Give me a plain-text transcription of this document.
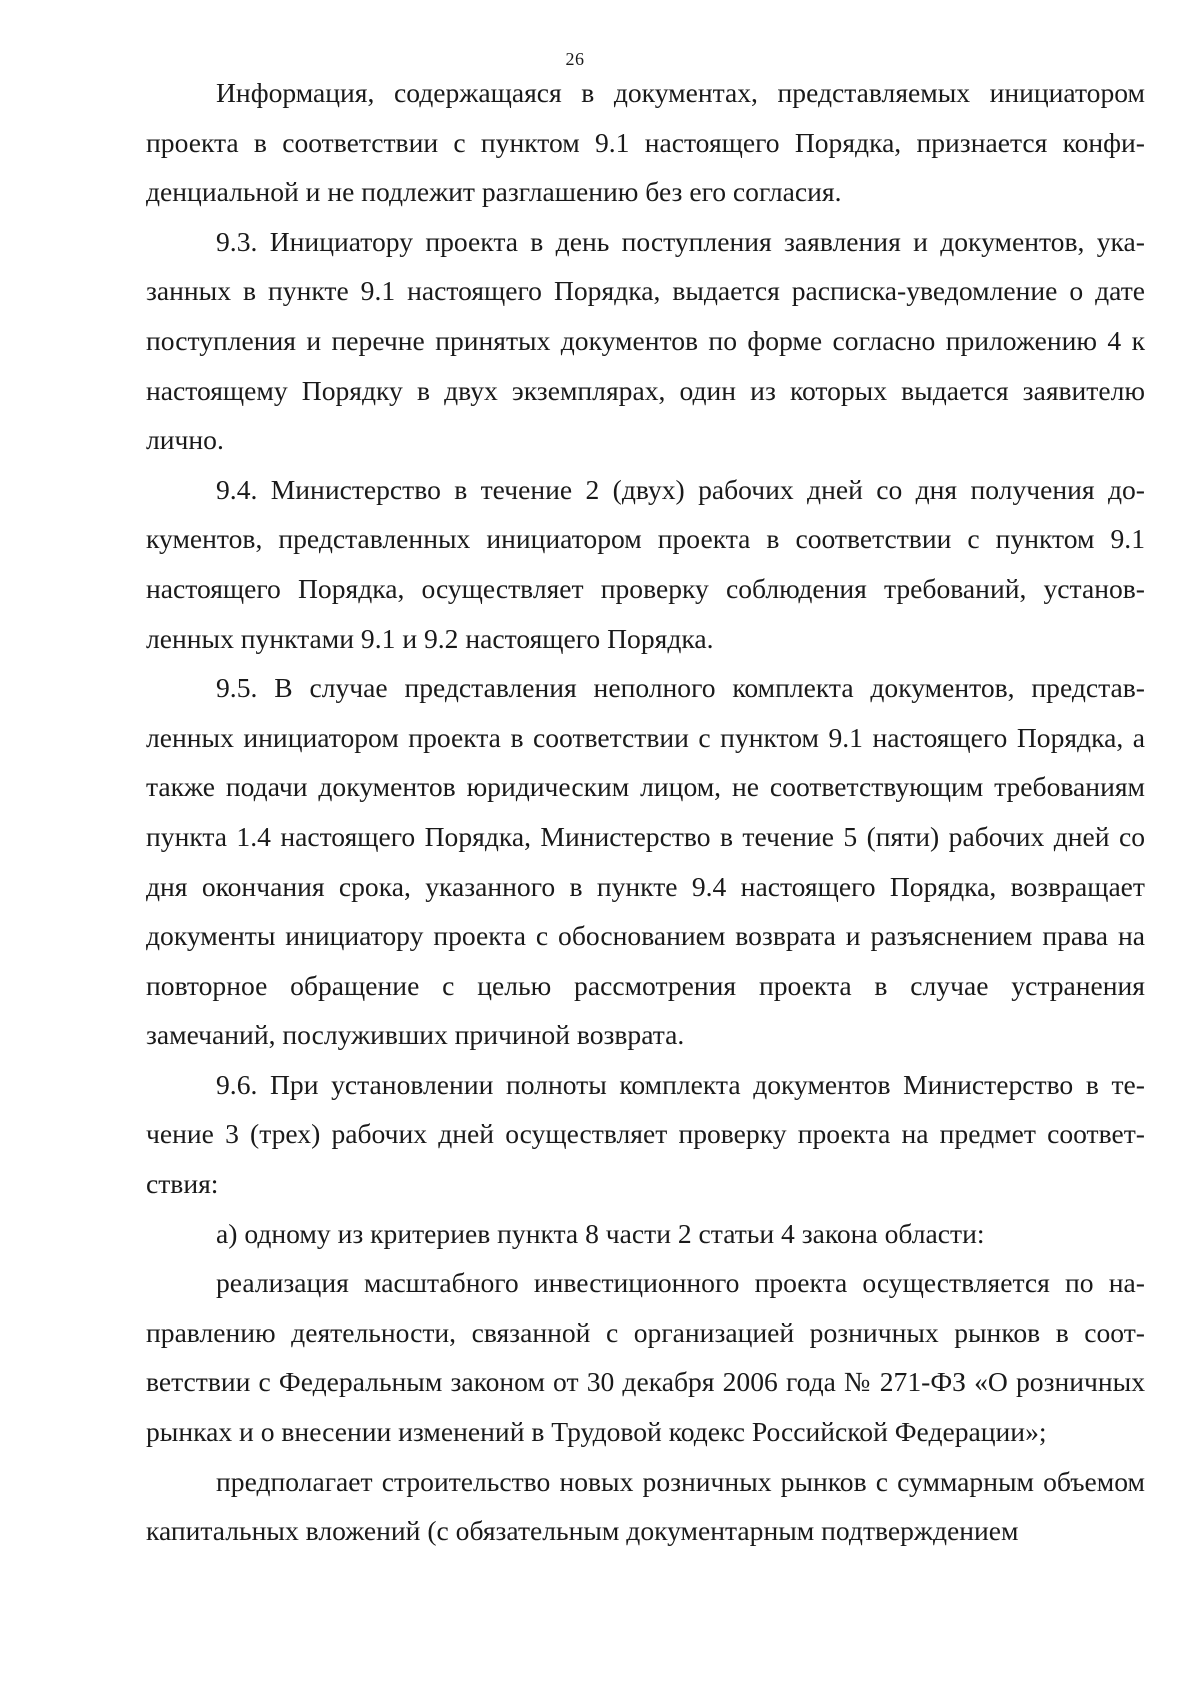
26

Информация, содержащаяся в документах, представляемых инициатором проекта в соответствии с пунктом 9.1 настоящего Порядка, признается конфиденциальной и не подлежит разглашению без его согласия.

9.3. Инициатору проекта в день поступления заявления и документов, указанных в пункте 9.1 настоящего Порядка, выдается расписка-уведомление о дате поступления и перечне принятых документов по форме согласно приложению 4 к настоящему Порядку в двух экземплярах, один из которых выдается заявителю лично.

9.4. Министерство в течение 2 (двух) рабочих дней со дня получения документов, представленных инициатором проекта в соответствии с пунктом 9.1 настоящего Порядка, осуществляет проверку соблюдения требований, установленных пунктами 9.1 и 9.2 настоящего Порядка.

9.5. В случае представления неполного комплекта документов, представленных инициатором проекта в соответствии с пунктом 9.1 настоящего Порядка, а также подачи документов юридическим лицом, не соответствующим требованиям пункта 1.4 настоящего Порядка, Министерство в течение 5 (пяти) рабочих дней со дня окончания срока, указанного в пункте 9.4 настоящего Порядка, возвращает документы инициатору проекта с обоснованием возврата и разъяснением права на повторное обращение с целью рассмотрения проекта в случае устранения замечаний, послуживших причиной возврата.

9.6. При установлении полноты комплекта документов Министерство в течение 3 (трех) рабочих дней осуществляет проверку проекта на предмет соответствия:

а) одному из критериев пункта 8 части 2 статьи 4 закона области:

реализация масштабного инвестиционного проекта осуществляется по направлению деятельности, связанной с организацией розничных рынков в соответствии с Федеральным законом от 30 декабря 2006 года № 271-ФЗ «О розничных рынках и о внесении изменений в Трудовой кодекс Российской Федерации»;

предполагает строительство новых розничных рынков с суммарным объемом капитальных вложений (с обязательным документарным подтверждением
